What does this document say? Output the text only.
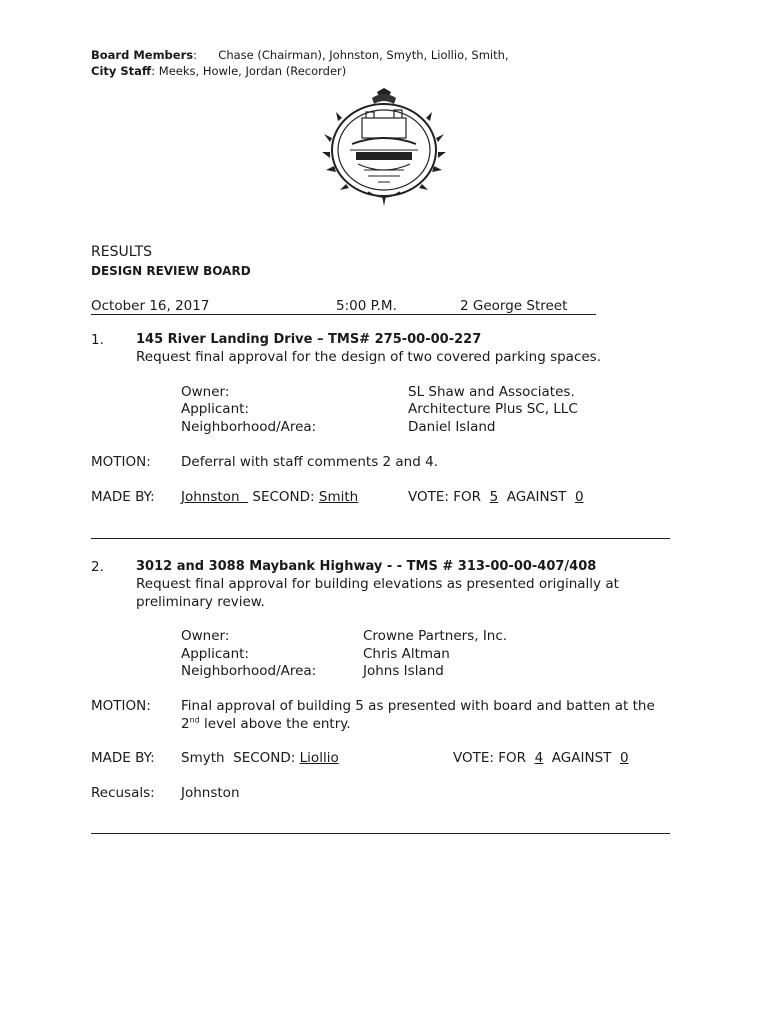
Board Members: Chase (Chairman), Johnston, Smyth, Liollio, Smith,
City Staff: Meeks, Howle, Jordan (Recorder)
RESULTS
DESIGN REVIEW BOARD
October 16, 2017	5:00 P.M.	2 George Street
1. 145 River Landing Drive – TMS# 275-00-00-227
Request final approval for the design of two covered parking spaces.
Owner:	SL Shaw and Associates.
Applicant:	Architecture Plus SC, LLC
Neighborhood/Area:	Daniel Island
MOTION: Deferral with staff comments 2 and 4.
MADE BY: Johnston SECOND: Smith	VOTE: FOR 5 AGAINST 0
2. 3012 and 3088 Maybank Highway - - TMS # 313-00-00-407/408
Request final approval for building elevations as presented originally at
preliminary review.
Owner:	Crowne Partners, Inc.
Applicant:	Chris Altman
Neighborhood/Area:	Johns Island
MOTION: Final approval of building 5 as presented with board and batten at the
2nd level above the entry.
MADE BY: Smyth SECOND: Liollio	VOTE: FOR 4 AGAINST 0
Recusals: Johnston
